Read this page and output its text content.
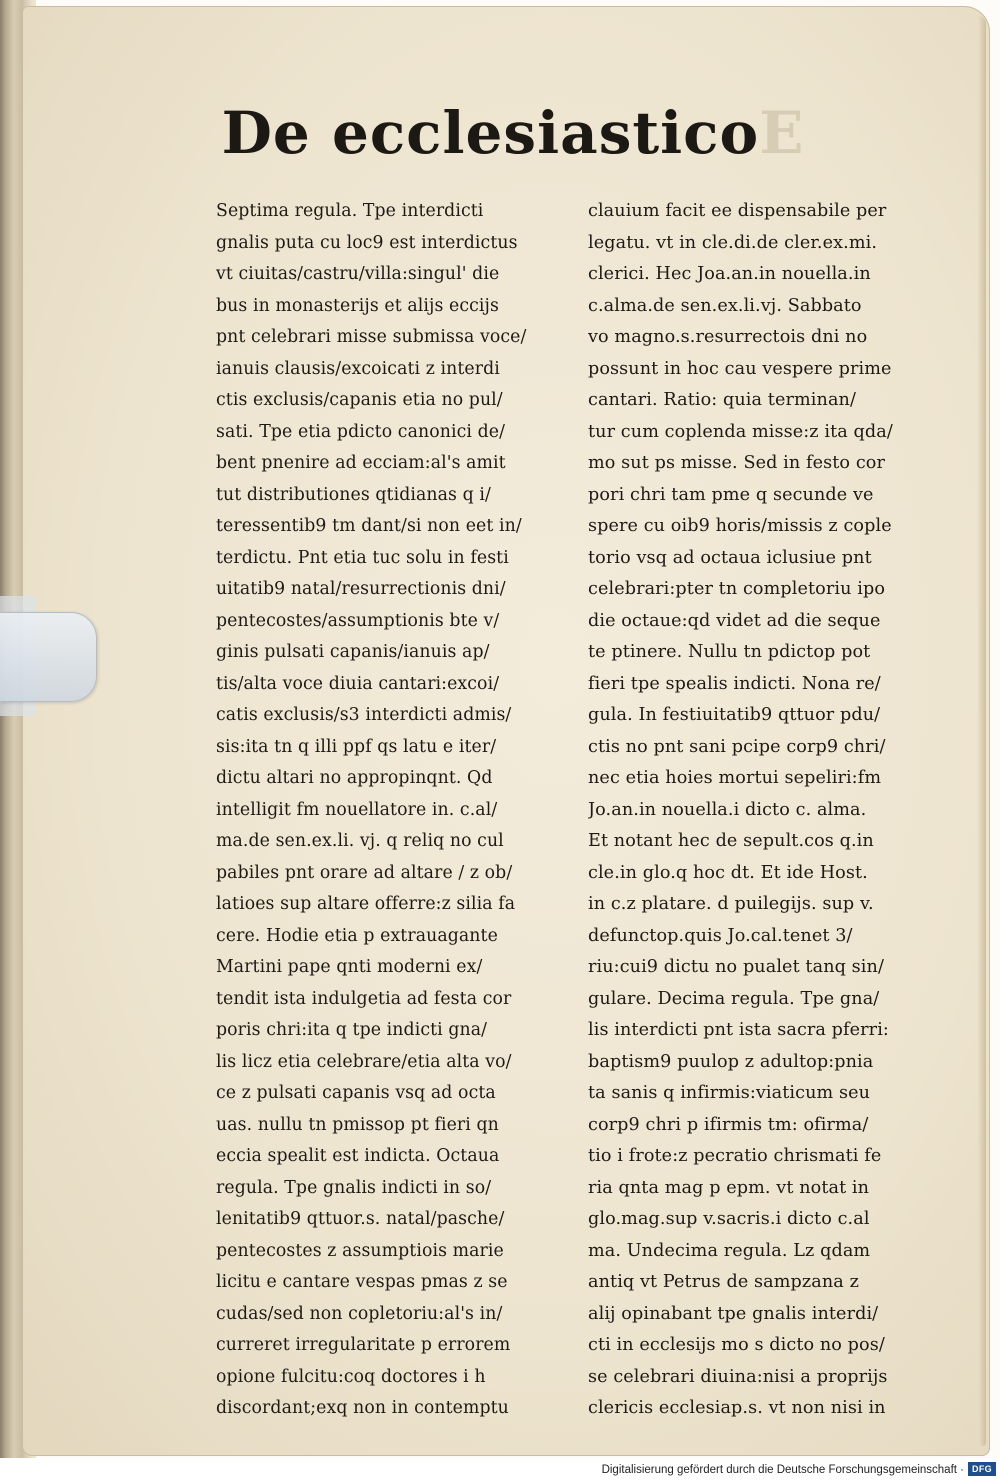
De ecclesiasticoE
Septima regula. Tpe interdicti
gnalis puta cu loc9 est interdictus
vt ciuitas/castru/villa:singul' die
bus in monasterijs et alijs eccijs
pnt celebrari misse submissa voce/
ianuis clausis/excoicati z interdi
ctis exclusis/capanis etia no pul/
sati. Tpe etia pdicto canonici de/
bent pnenire ad ecciam:al's amit
tut distributiones qtidianas q i/
teressentib9 tm dant/si non eet in/
terdictu. Pnt etia tuc solu in festi
uitatib9 natal/resurrectionis dni/
pentecostes/assumptionis bte v/
ginis pulsati capanis/ianuis ap/
tis/alta voce diuia cantari:excoi/
catis exclusis/s3 interdicti admis/
sis:ita tn q illi ppf qs latu e iter/
dictu altari no appropinqnt. Qd
intelligit fm nouellatore in. c.al/
ma.de sen.ex.li. vj. q reliq no cul
pabiles pnt orare ad altare / z ob/
latioes sup altare offerre:z silia fa
cere. Hodie etia p extrauagante
Martini pape qnti moderni ex/
tendit ista indulgetia ad festa cor
poris chri:ita q tpe indicti gna/
lis licz etia celebrare/etia alta vo/
ce z pulsati capanis vsq ad octa
uas. nullu tn pmissop pt fieri qn
eccia spealit est indicta. Octaua
regula. Tpe gnalis indicti in so/
lenitatib9 qttuor.s. natal/pasche/
pentecostes z assumptiois marie
licitu e cantare vespas pmas z se
cudas/sed non copletoriu:al's in/
curreret irregularitate p errorem
opione fulcitu:coq doctores i h
discordant;exq non in contemptu
clauium facit ee dispensabile per
legatu. vt in cle.di.de cler.ex.mi.
clerici. Hec Joa.an.in nouella.in
c.alma.de sen.ex.li.vj. Sabbato
vo magno.s.resurrectois dni no
possunt in hoc cau vespere prime
cantari. Ratio: quia terminan/
tur cum coplenda misse:z ita qda/
mo sut ps misse. Sed in festo cor
pori chri tam pme q secunde ve
spere cu oib9 horis/missis z cople
torio vsq ad octaua iclusiue pnt
celebrari:pter tn completoriu ipo
die octaue:qd videt ad die seque
te ptinere. Nullu tn pdictop pot
fieri tpe spealis indicti. Nona re/
gula. In festiuitatib9 qttuor pdu/
ctis no pnt sani pcipe corp9 chri/
nec etia hoies mortui sepeliri:fm
Jo.an.in nouella.i dicto c. alma.
Et notant hec de sepult.cos q.in
cle.in glo.q hoc dt. Et ide Host.
in c.z platare. d puilegijs. sup v.
defunctop.quis Jo.cal.tenet 3/
riu:cui9 dictu no pualet tanq sin/
gulare. Decima regula. Tpe gna/
lis interdicti pnt ista sacra pferri:
baptism9 puulop z adultop:pnia
ta sanis q infirmis:viaticum seu
corp9 chri p ifirmis tm: ofirma/
tio i frote:z pecratio chrismati fe
ria qnta mag p epm. vt notat in
glo.mag.sup v.sacris.i dicto c.al
ma. Undecima regula. Lz qdam
antiq vt Petrus de sampzana z
alij opinabant tpe gnalis interdi/
cti in ecclesijs mo s dicto no pos/
se celebrari diuina:nisi a proprijs
clericis ecclesiap.s. vt non nisi in
Digitalisierung gefördert durch die Deutsche Forschungsgemeinschaft · DFG
